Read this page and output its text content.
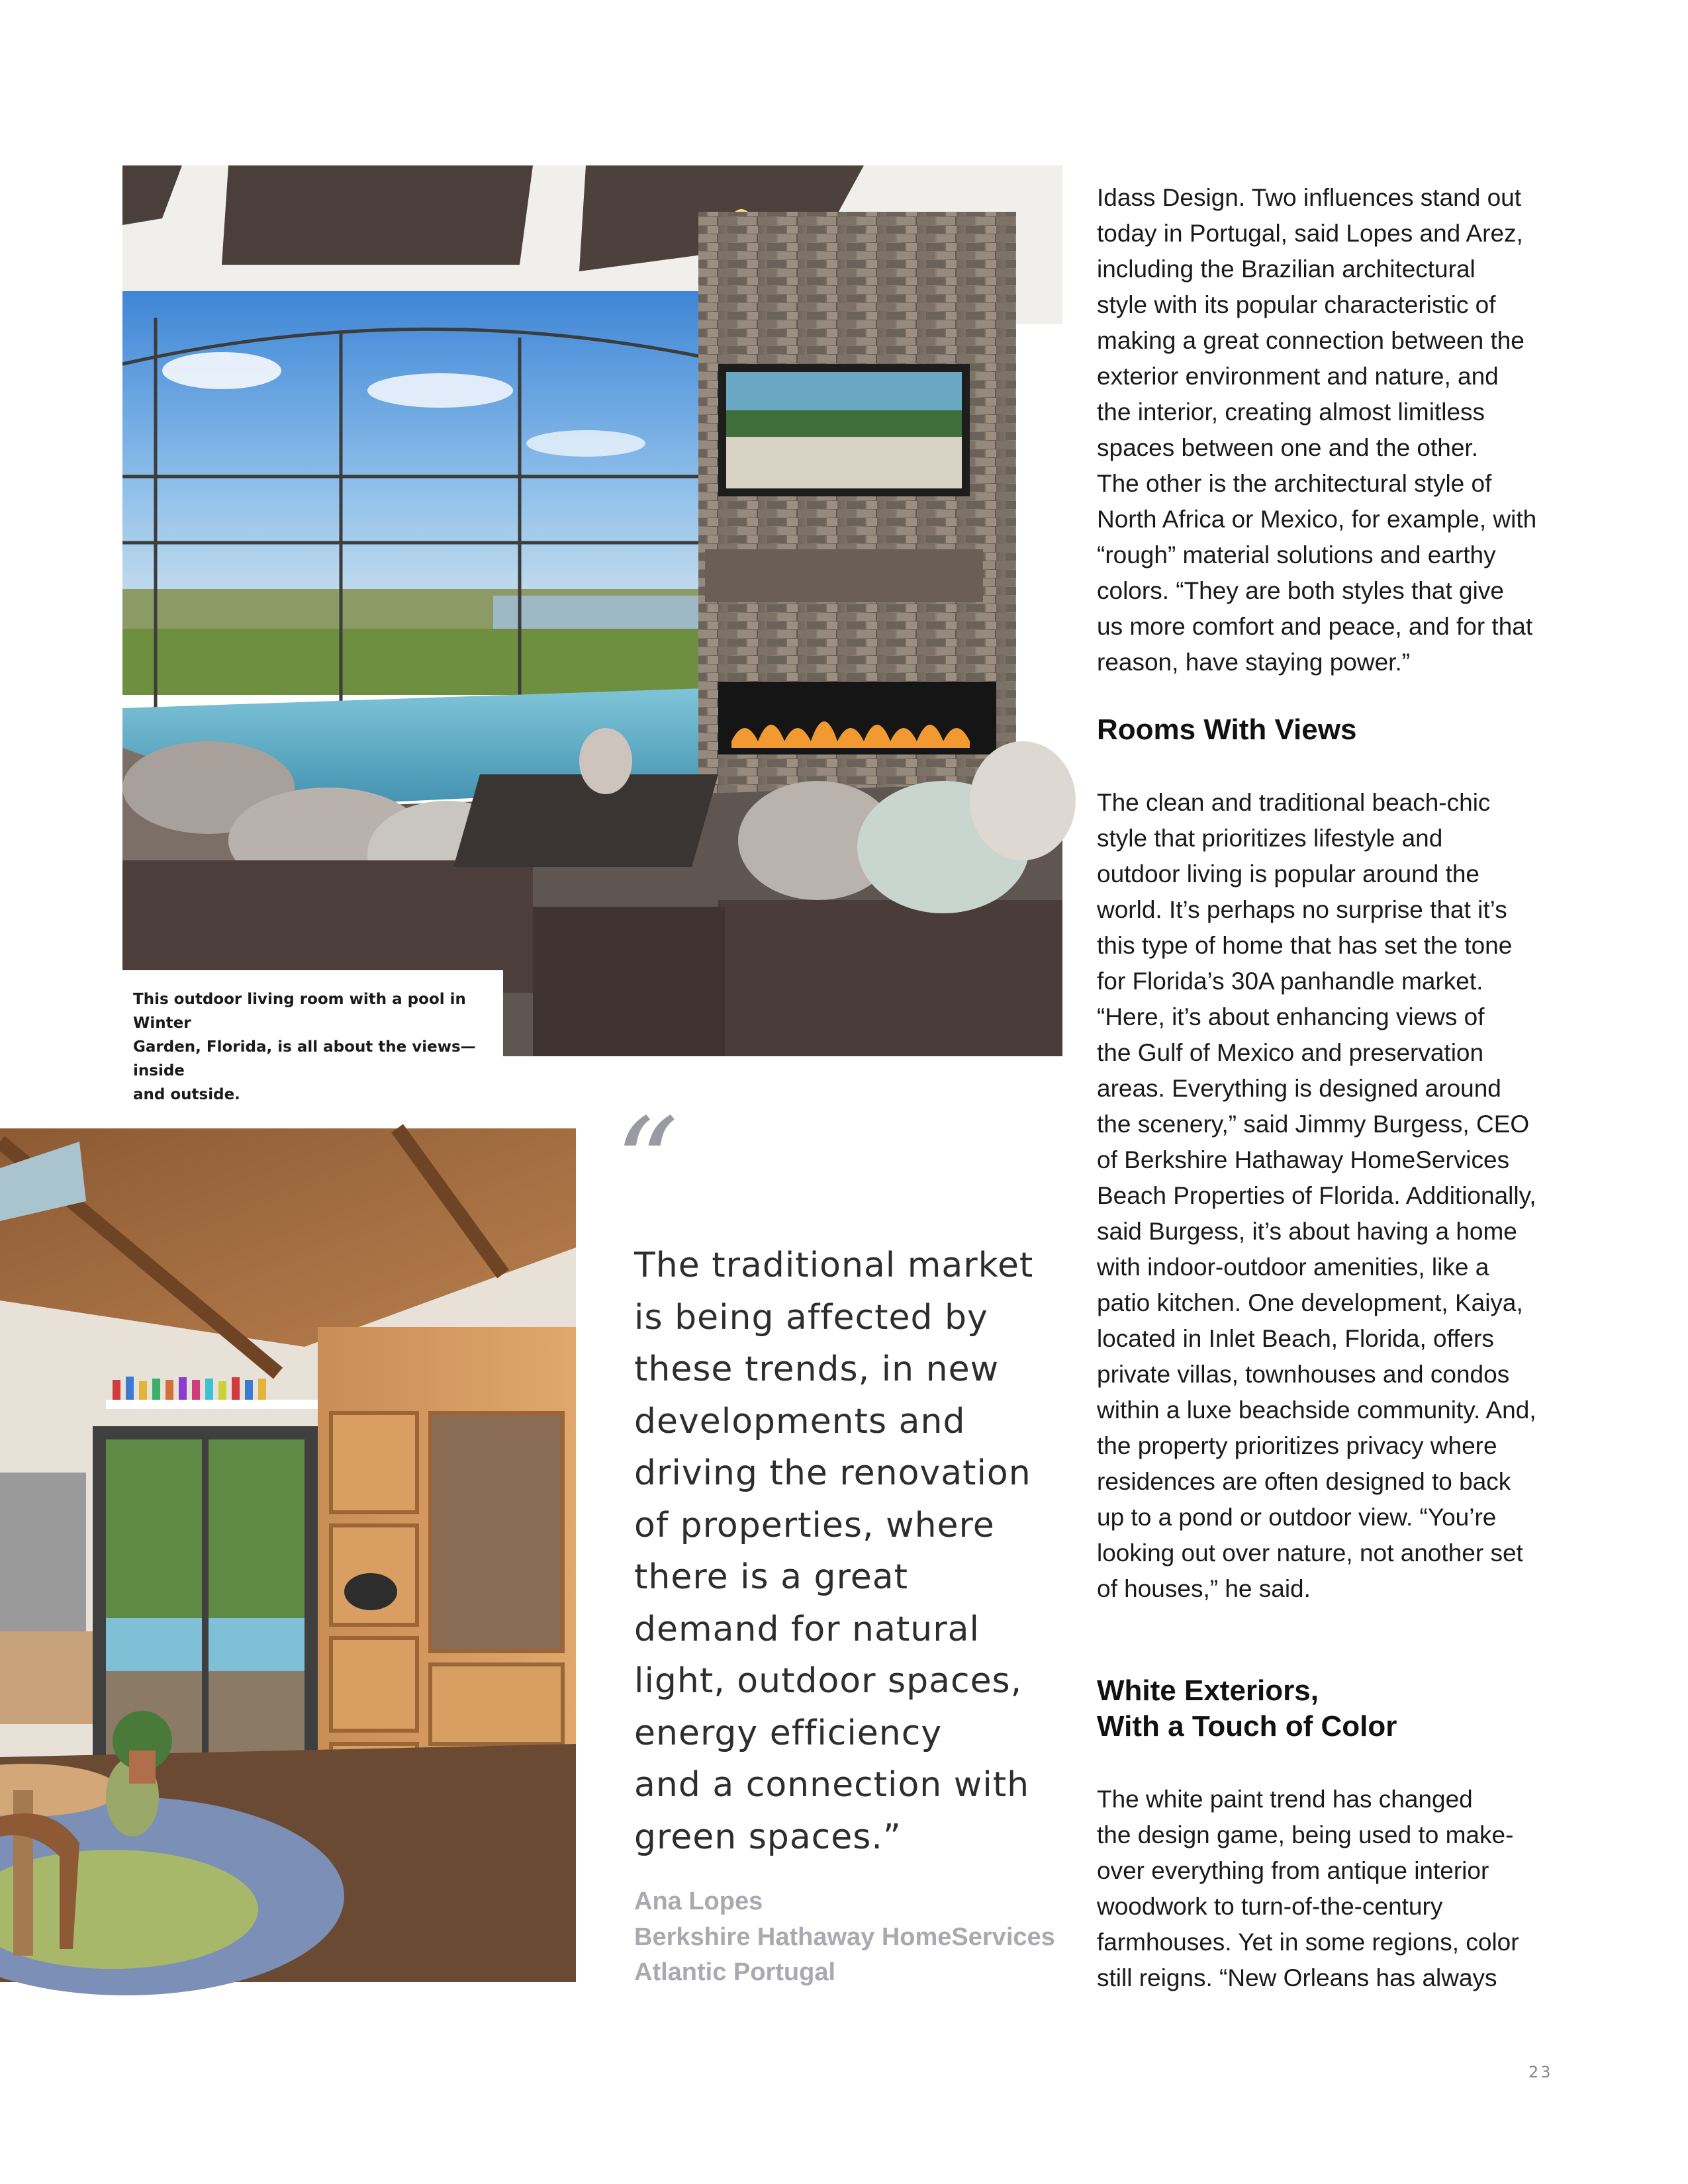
This outdoor living room with a pool in Winter
Garden, Florida, is all about the views—inside
and outside.	“
The traditional market
is being affected by
these trends, in new
developments and
driving the renovation
of properties, where
there is a great
demand for natural
light, outdoor spaces,
energy efficiency
and a connection with
green spaces.”
Ana Lopes
Berkshire Hathaway HomeServices
Atlantic Portugal
Idass Design. Two influences stand out
today in Portugal, said Lopes and Arez,
including the Brazilian architectural
style with its popular characteristic of
making a great connection between the
exterior environment and nature, and
the interior, creating almost limitless
spaces between one and the other.
The other is the architectural style of
North Africa or Mexico, for example, with
“rough” material solutions and earthy
colors. “They are both styles that give
us more comfort and peace, and for that
reason, have staying power.”
Rooms With Views
The clean and traditional beach-chic
style that prioritizes lifestyle and
outdoor living is popular around the
world. It’s perhaps no surprise that it’s
this type of home that has set the tone
for Florida’s 30A panhandle market.
“Here, it’s about enhancing views of
the Gulf of Mexico and preservation
areas. Everything is designed around
the scenery,” said Jimmy Burgess, CEO
of Berkshire Hathaway HomeServices
Beach Properties of Florida. Additionally,
said Burgess, it’s about having a home
with indoor-outdoor amenities, like a
patio kitchen. One development, Kaiya,
located in Inlet Beach, Florida, offers
private villas, townhouses and condos
within a luxe beachside community. And,
the property prioritizes privacy where
residences are often designed to back
up to a pond or outdoor view. “You’re
looking out over nature, not another set
of houses,” he said.
White Exteriors,
With a Touch of Color
The white paint trend has changed
the design game, being used to make-
over everything from antique interior
woodwork to turn-of-the-century
farmhouses. Yet in some regions, color
still reigns. “New Orleans has always
23
